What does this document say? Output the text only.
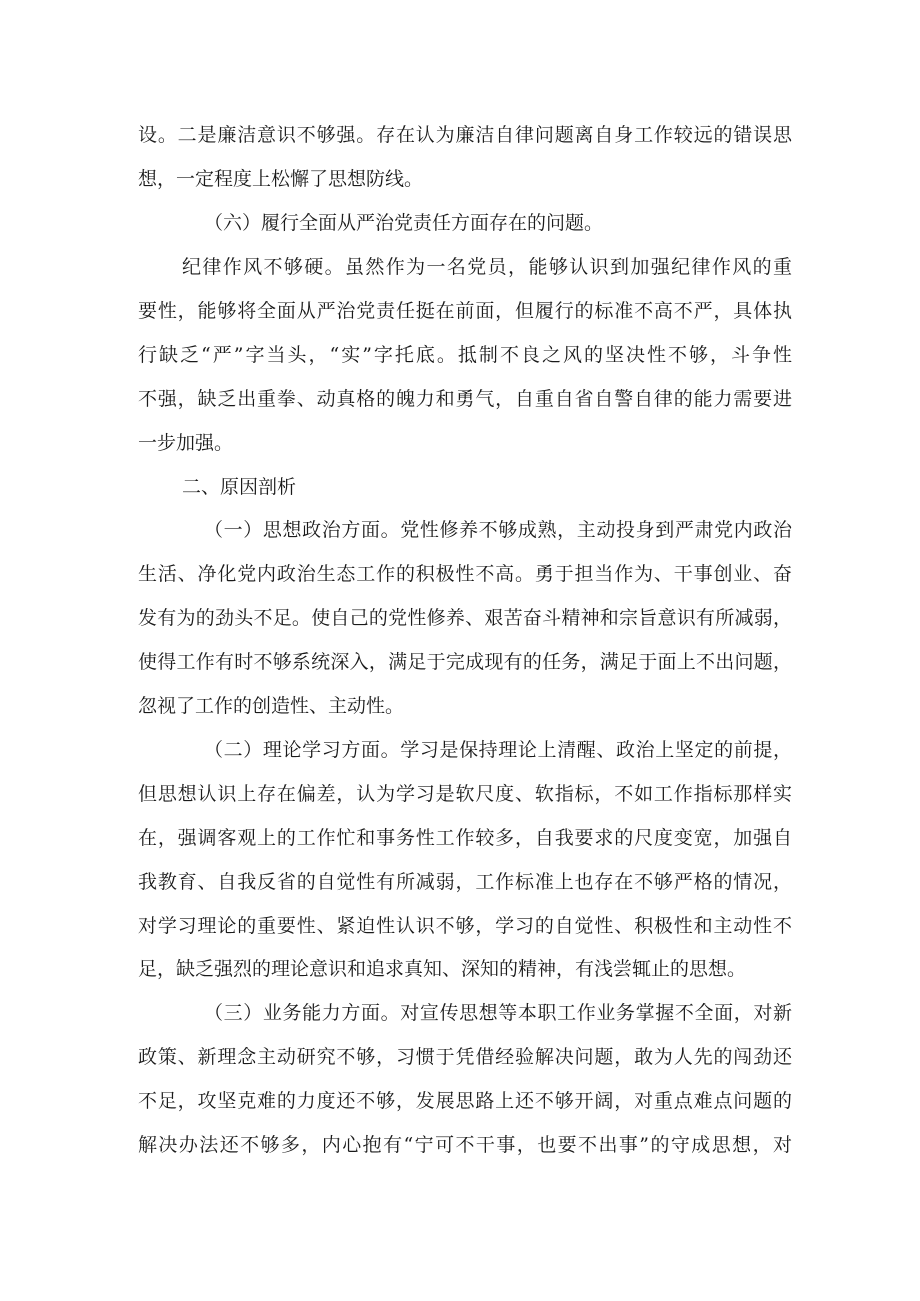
设。二是廉洁意识不够强。存在认为廉洁自律问题离自身工作较远的错误思
想，一定程度上松懈了思想防线。
（六）履行全面从严治党责任方面存在的问题。
纪律作风不够硬。虽然作为一名党员，能够认识到加强纪律作风的重
要性，能够将全面从严治党责任挺在前面，但履行的标准不高不严，具体执
行缺乏“严”字当头，“实”字托底。抵制不良之风的坚决性不够，斗争性
不强，缺乏出重拳、动真格的魄力和勇气，自重自省自警自律的能力需要进
一步加强。
二、原因剖析
（一）思想政治方面。党性修养不够成熟，主动投身到严肃党内政治
生活、净化党内政治生态工作的积极性不高。勇于担当作为、干事创业、奋
发有为的劲头不足。使自己的党性修养、艰苦奋斗精神和宗旨意识有所减弱，
使得工作有时不够系统深入，满足于完成现有的任务，满足于面上不出问题，
忽视了工作的创造性、主动性。
（二）理论学习方面。学习是保持理论上清醒、政治上坚定的前提，
但思想认识上存在偏差，认为学习是软尺度、软指标，不如工作指标那样实
在，强调客观上的工作忙和事务性工作较多，自我要求的尺度变宽，加强自
我教育、自我反省的自觉性有所减弱，工作标准上也存在不够严格的情况，
对学习理论的重要性、紧迫性认识不够，学习的自觉性、积极性和主动性不
足，缺乏强烈的理论意识和追求真知、深知的精神，有浅尝辄止的思想。
（三）业务能力方面。对宣传思想等本职工作业务掌握不全面，对新
政策、新理念主动研究不够，习惯于凭借经验解决问题，敢为人先的闯劲还
不足，攻坚克难的力度还不够，发展思路上还不够开阔，对重点难点问题的
解决办法还不够多，内心抱有“宁可不干事，也要不出事”的守成思想，对
